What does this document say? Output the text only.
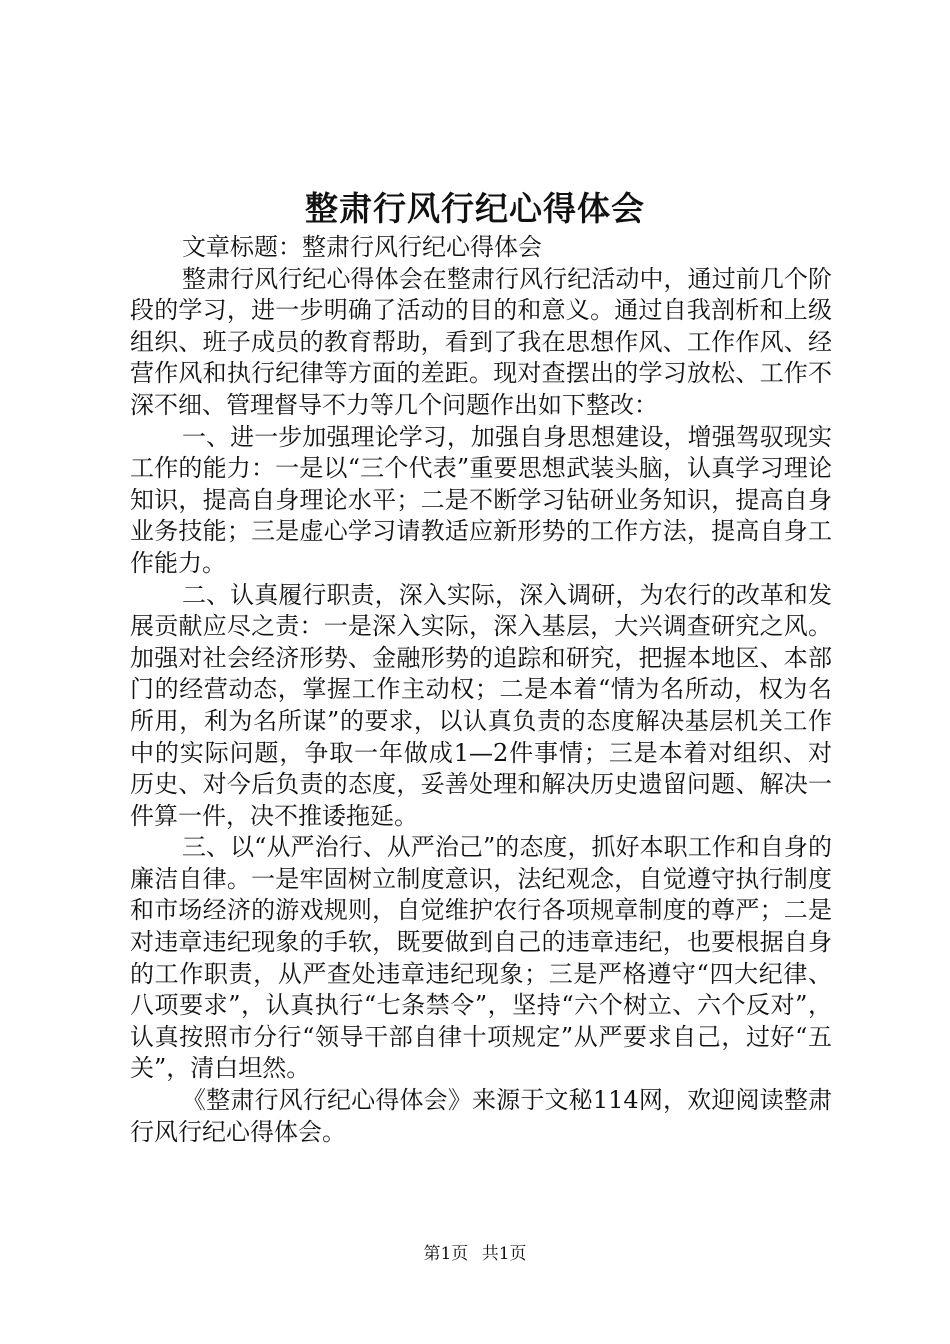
整肃行风行纪心得体会

文章标题：整肃行风行纪心得体会

整肃行风行纪心得体会在整肃行风行纪活动中，通过前几个阶段的学习，进一步明确了活动的目的和意义。通过自我剖析和上级组织、班子成员的教育帮助，看到了我在思想作风、工作作风、经营作风和执行纪律等方面的差距。现对查摆出的学习放松、工作不深不细、管理督导不力等几个问题作出如下整改：

一、进一步加强理论学习，加强自身思想建设，增强驾驭现实工作的能力：一是以“三个代表”重要思想武装头脑，认真学习理论知识，提高自身理论水平；二是不断学习钻研业务知识，提高自身业务技能；三是虚心学习请教适应新形势的工作方法，提高自身工作能力。

二、认真履行职责，深入实际，深入调研，为农行的改革和发展贡献应尽之责：一是深入实际，深入基层，大兴调查研究之风。加强对社会经济形势、金融形势的追踪和研究，把握本地区、本部门的经营动态，掌握工作主动权；二是本着“情为名所动，权为名所用，利为名所谋”的要求，以认真负责的态度解决基层机关工作中的实际问题，争取一年做成1—2件事情；三是本着对组织、对历史、对今后负责的态度，妥善处理和解决历史遗留问题、解决一件算一件，决不推诿拖延。

三、以“从严治行、从严治己”的态度，抓好本职工作和自身的廉洁自律。一是牢固树立制度意识，法纪观念，自觉遵守执行制度和市场经济的游戏规则，自觉维护农行各项规章制度的尊严；二是对违章违纪现象的手软，既要做到自己的违章违纪，也要根据自身的工作职责，从严查处违章违纪现象；三是严格遵守“四大纪律、八项要求”，认真执行“七条禁令”，坚持“六个树立、六个反对”，认真按照市分行“领导干部自律十项规定”从严要求自己，过好“五关”，清白坦然。

《整肃行风行纪心得体会》来源于文秘114网，欢迎阅读整肃行风行纪心得体会。

第1页 共1页
